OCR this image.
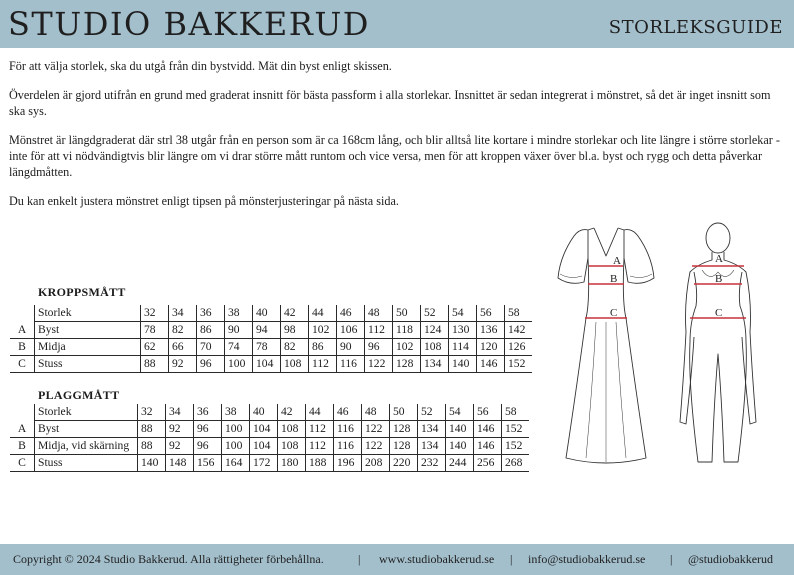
STUDIO BAKKERUD	STORLEKSGUIDE

För att välja storlek, ska du utgå från din bystvidd. Mät din byst enligt skissen.

Överdelen är gjord utifrån en grund med graderat insnitt för bästa passform i alla storlekar. Insnittet är sedan integrerat i mönstret, så det är inget insnitt som ska sys.

Mönstret är längdgraderat där strl 38 utgår från en person som är ca 168cm lång, och blir alltså lite kortare i mindre storlekar och lite längre i större storlekar - inte för att vi nödvändigtvis blir längre om vi drar större mått runtom och vice versa, men för att kroppen växer över bl.a. byst och rygg och detta påverkar längdmåtten.

Du kan enkelt justera mönstret enligt tipsen på mönsterjusteringar på nästa sida.

KROPPSMÅTT
	Storlek	32	34	36	38	40	42	44	46	48	50	52	54	56	58
A	Byst	78	82	86	90	94	98	102	106	112	118	124	130	136	142
B	Midja	62	66	70	74	78	82	86	90	96	102	108	114	120	126
C	Stuss	88	92	96	100	104	108	112	116	122	128	134	140	146	152
PLAGGMÅTT
	Storlek	32	34	36	38	40	42	44	46	48	50	52	54	56	58
A	Byst	88	92	96	100	104	108	112	116	122	128	134	140	146	152
B	Midja, vid skärning	88	92	96	100	104	108	112	116	122	128	134	140	146	152
C	Stuss	140	148	156	164	172	180	188	196	208	220	232	244	256	268
A
B
C
A
B
C
Copyright © 2024 Studio Bakkerud. Alla rättigheter förbehållna.	| www.studiobakkerud.se | info@studiobakkerud.se | @studiobakkerud
